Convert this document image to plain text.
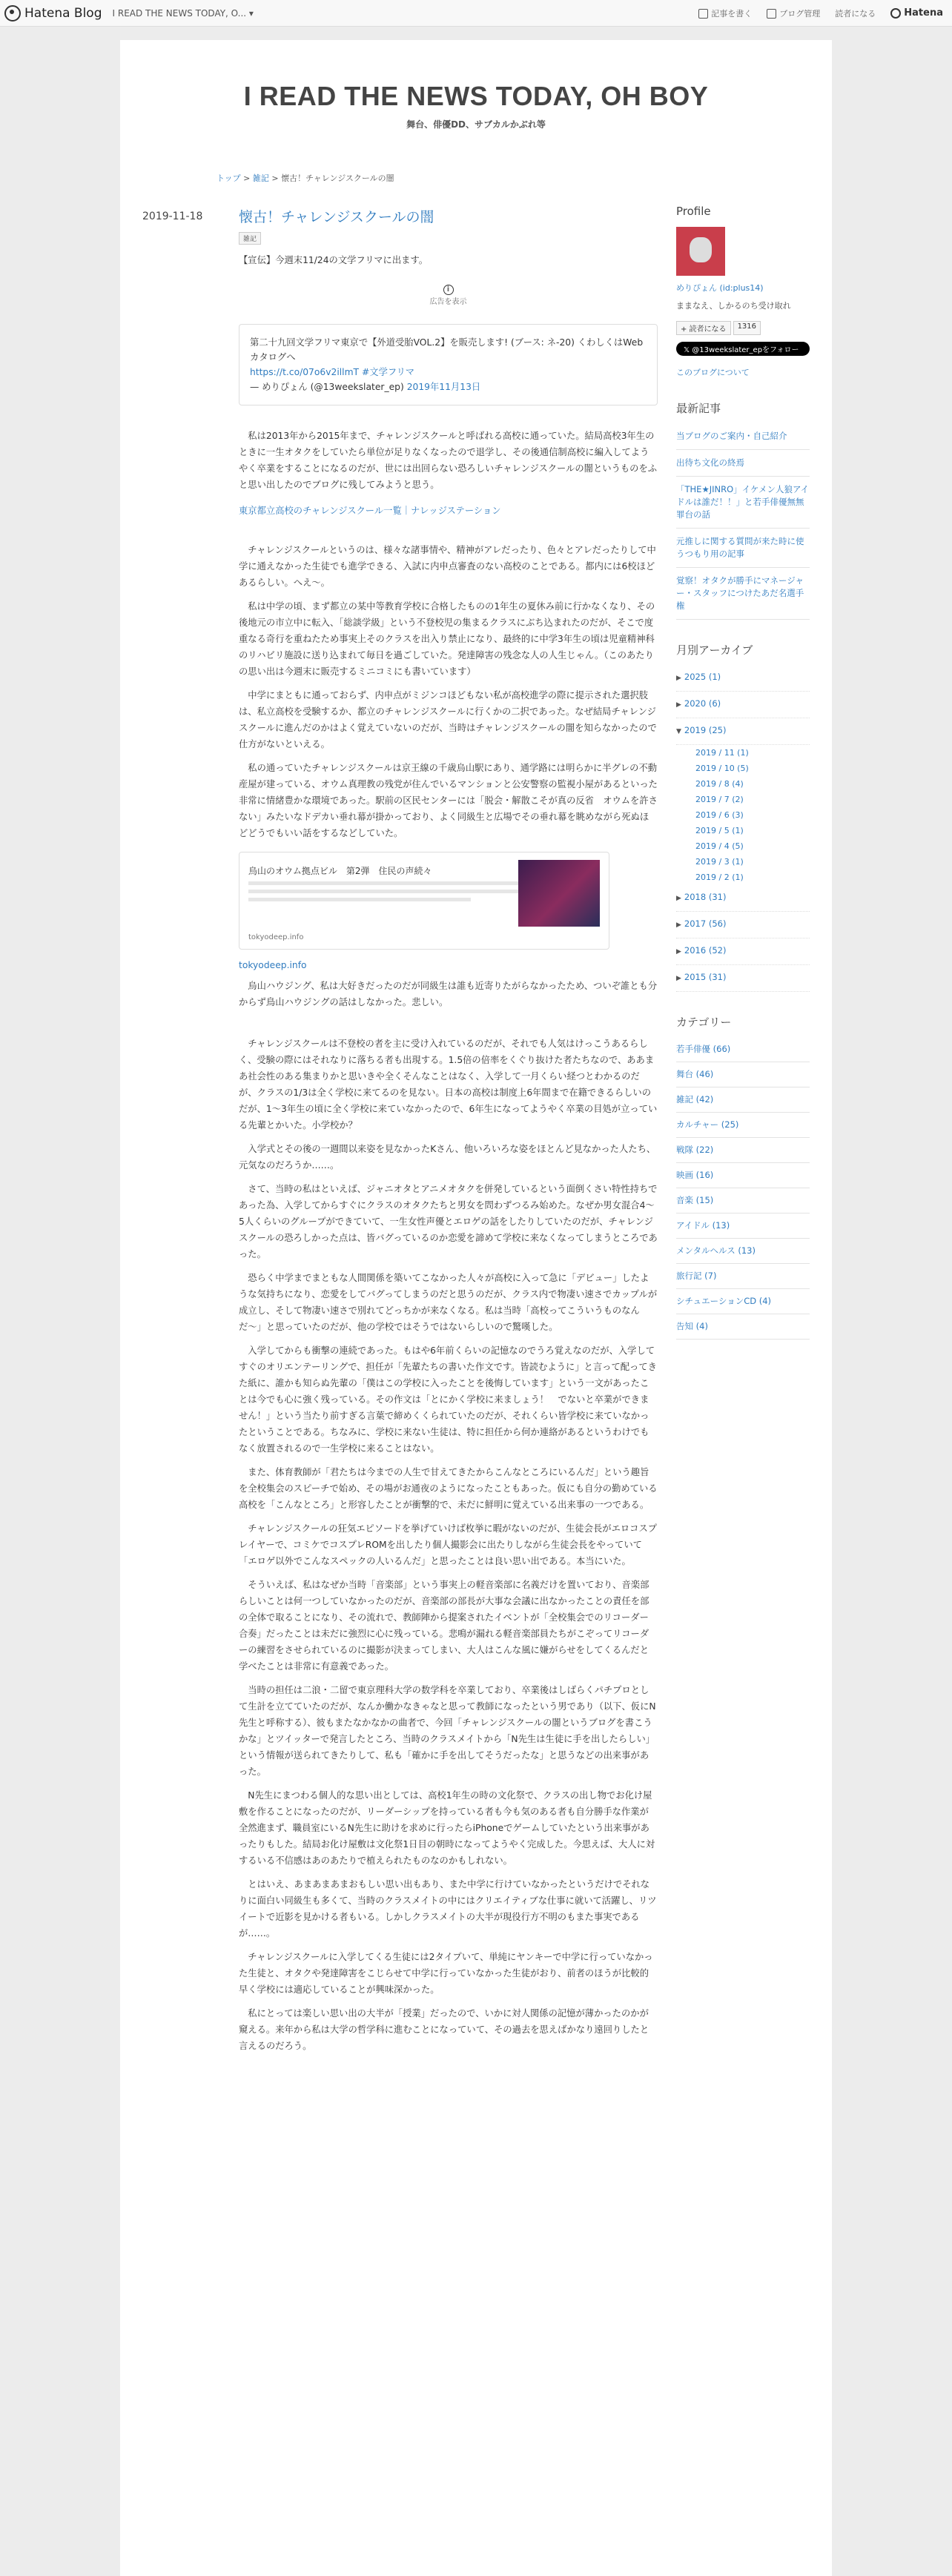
Hatena Blog I READ THE NEWS TODAY, O... ▾	記事を書く	ブログ管理 読者になる	Hatena
I READ THE NEWS TODAY, OH BOY
舞台、俳優DD、サブカルかぶれ等
トップ > 雑記 > 懐古！チャレンジスクールの闇
2019-11-18	懐古！チャレンジスクールの闇
雑記

【宣伝】今週末11/24の文学フリマに出ます。

i
広告を表示
第二十九回文学フリマ東京で【外道受胎VOL.2】を販売します! (ブース: ネ-20) くわしくはWebカタログへ
https://t.co/07o6v2illmT #文学フリマ
— めりぴょん (@13weekslater_ep) 2019年11月13日

私は2013年から2015年まで、チャレンジスクールと呼ばれる高校に通っていた。結局高校3年生のときに一生オタクをしていたら単位が足りなくなったので退学し、その後通信制高校に編入してようやく卒業をすることになるのだが、世には出回らない恐ろしいチャレンジスクールの闇というものをふと思い出したのでブログに残してみようと思う。

東京都立高校のチャレンジスクール一覧｜ナレッジステーション

チャレンジスクールというのは、様々な諸事情や、精神がアレだったり、色々とアレだったりして中学に通えなかった生徒でも進学できる、入試に内申点審査のない高校のことである。都内には6校ほどあるらしい。へえ〜。

私は中学の頃、まず都立の某中等教育学校に合格したものの1年生の夏休み前に行かなくなり、その後地元の市立中に転入、「総談学級」という不登校児の集まるクラスにぶち込まれたのだが、そこで度重なる奇行を重ねたため事実上そのクラスを出入り禁止になり、最終的に中学3年生の頃は児童精神科のリハビリ施設に送り込まれて毎日を過ごしていた。発達障害の残念な人の人生じゃん。（このあたりの思い出は今週末に販売するミニコミにも書いています）

中学にまともに通っておらず、内申点がミジンコほどもない私が高校進学の際に提示された選択肢は、私立高校を受験するか、都立のチャレンジスクールに行くかの二択であった。なぜ結局チャレンジスクールに進んだのかはよく覚えていないのだが、当時はチャレンジスクールの闇を知らなかったので仕方がないといえる。

私の通っていたチャレンジスクールは京王線の千歳烏山駅にあり、通学路には明らかに半グレの不動産屋が建っている、オウム真理教の残党が住んでいるマンションと公安警察の監視小屋があるといった非常に情緒豊かな環境であった。駅前の区民センターには「脱会・解散こそが真の反省　オウムを許さない」みたいなドデカい垂れ幕が掛かっており、よく同級生と広場でその垂れ幕を眺めながら死ぬほどどうでもいい話をするなどしていた。

烏山のオウム拠点ビル　第2弾　住民の声続々
tokyodeep.info
tokyodeep.info

烏山ハウジング、私は大好きだったのだが同級生は誰も近寄りたがらなかったため、ついぞ誰とも分からず鳥山ハウジングの話はしなかった。悲しい。

チャレンジスクールは不登校の者を主に受け入れているのだが、それでも人気はけっこうあるらしく、受験の際にはそれなりに落ちる者も出現する。1.5倍の倍率をくぐり抜けた者たちなので、ああまあ社会性のある集まりかと思いきや全くそんなことはなく、入学して一月くらい経つとわかるのだが、クラスの1/3は全く学校に来てるのを見ない。日本の高校は制度上6年間まで在籍できるらしいのだが、1〜3年生の頃に全く学校に来ていなかったので、6年生になってようやく卒業の目処が立っている先輩とかいた。小学校か？

入学式とその後の一週間以来姿を見なかったKさん、他いろいろな姿をほとんど見なかった人たち、元気なのだろうか……。

さて、当時の私はといえば、ジャニオタとアニメオタクを併発しているという面倒くさい特性持ちであった為、入学してからすぐにクラスのオタクたちと男女を問わずつるみ始めた。なぜか男女混合4〜5人くらいのグループができていて、一生女性声優とエロゲの話をしたりしていたのだが、チャレンジスクールの恐ろしかった点は、皆バグっているのか恋愛を諦めて学校に来なくなってしまうところであった。

恐らく中学までまともな人間関係を築いてこなかった人々が高校に入って急に「デビュー」したような気持ちになり、恋愛をしてバグってしまうのだと思うのだが、クラス内で物凄い速さでカップルが成立し、そして物凄い速さで別れてどっちかが来なくなる。私は当時「高校ってこういうものなんだ〜」と思っていたのだが、他の学校ではそうではないらしいので驚嘆した。

入学してからも衝撃の連続であった。もはや6年前くらいの記憶なのでうろ覚えなのだが、入学してすぐのオリエンテーリングで、担任が「先輩たちの書いた作文です。皆読むように」と言って配ってきた紙に、誰かも知らぬ先輩の「僕はこの学校に入ったことを後悔しています」という一文があったことは今でも心に強く残っている。その作文は「とにかく学校に来ましょう！　でないと卒業ができません！」という当たり前すぎる言葉で締めくくられていたのだが、それくらい皆学校に来ていなかったということである。ちなみに、学校に来ない生徒は、特に担任から何か連絡があるというわけでもなく放置されるので一生学校に来ることはない。

また、体育教師が「君たちは今までの人生で甘えてきたからこんなところにいるんだ」という趣旨を全校集会のスピーチで始め、その場がお通夜のようになったこともあった。仮にも自分の勤めている高校を「こんなところ」と形容したことが衝撃的で、未だに鮮明に覚えている出来事の一つである。

チャレンジスクールの狂気エピソードを挙げていけば枚挙に暇がないのだが、生徒会長がエロコスプレイヤーで、コミケでコスプレROMを出したり個人撮影会に出たりしながら生徒会長をやっていて「エロゲ以外でこんなスペックの人いるんだ」と思ったことは良い思い出である。本当にいた。

そういえば、私はなぜか当時「音楽部」という事実上の軽音楽部に名義だけを置いており、音楽部らしいことは何一つしていなかったのだが、音楽部の部長が大事な会議に出なかったことの責任を部の全体で取ることになり、その流れで、教師陣から提案されたイベントが「全校集会でのリコーダー合奏」だったことは未だに強烈に心に残っている。悲鳴が漏れる軽音楽部員たちがこぞってリコーダーの練習をさせられているのに撮影が決まってしまい、大人はこんな風に嫌がらせをしてくるんだと学べたことは非常に有意義であった。

当時の担任は二浪・二留で東京理科大学の数学科を卒業しており、卒業後はしばらくパチプロとして生計を立てていたのだが、なんか働かなきゃなと思って教師になったという男であり（以下、仮にN先生と呼称する）、彼もまたなかなかの曲者で、今回「チャレンジスクールの闇というブログを書こうかな」とツイッターで発言したところ、当時のクラスメイトから「N先生は生徒に手を出したらしい」という情報が送られてきたりして、私も「確かに手を出してそうだったな」と思うなどの出来事があった。

N先生にまつわる個人的な思い出としては、高校1年生の時の文化祭で、クラスの出し物でお化け屋敷を作ることになったのだが、リーダーシップを持っている者も今も気のある者も自分勝手な作業が全然進まず、職員室にいるN先生に助けを求めに行ったらiPhoneでゲームしていたという出来事があったりもした。結局お化け屋敷は文化祭1日目の朝時になってようやく完成した。今思えば、大人に対するいる不信感はあのあたりで植えられたものなのかもしれない。

とはいえ、あまあまあまおもしい思い出もあり、また中学に行けていなかったというだけでそれなりに面白い同級生も多くて、当時のクラスメイトの中にはクリエイティブな仕事に就いて活躍し、リツイートで近影を見かける者もいる。しかしクラスメイトの大半が現役行方不明のもまた事実であるが……。

チャレンジスクールに入学してくる生徒には2タイプいて、単純にヤンキーで中学に行っていなかった生徒と、オタクや発達障害をこじらせて中学に行っていなかった生徒がおり、前者のほうが比較的早く学校には適応していることが興味深かった。

私にとっては楽しい思い出の大半が「授業」だったので、いかに対人関係の記憶が薄かったのかが窺える。来年から私は大学の哲学科に進むことになっていて、その過去を思えばかなり遠回りしたと言えるのだろう。

Profile
めりぴょん (id:plus14)
ままなえ、しかるのち受け取れ
+ 読者になる	1316
𝕏 @13weekslater_epをフォロー
このブログについて
最新記事
当ブログのご案内・自己紹介
出待ち文化の終焉
「THE★JINRO」イケメン人狼アイドルは誰だ！！」と若手俳優無無罪台の話
元推しに関する質問が来た時に使うつもり用の記事
覚察！オタクが勝手にマネージャー・スタッフにつけたあだ名選手権
月別アーカイブ
▶ 2025 (1)
▶ 2020 (6)
▼ 2019 (25)
2019 / 11 (1)
2019 / 10 (5)
2019 / 8 (4)
2019 / 7 (2)
2019 / 6 (3)
2019 / 5 (1)
2019 / 4 (5)
2019 / 3 (1)
2019 / 2 (1)
▶ 2018 (31)
▶ 2017 (56)
▶ 2016 (52)
▶ 2015 (31)
カテゴリー
若手俳優 (66)
舞台 (46)
雑記 (42)
カルチャー (25)
戦隊 (22)
映画 (16)
音楽 (15)
アイドル (13)
メンタルヘルス (13)
旅行記 (7)
シチュエーションCD (4)
告知 (4)
